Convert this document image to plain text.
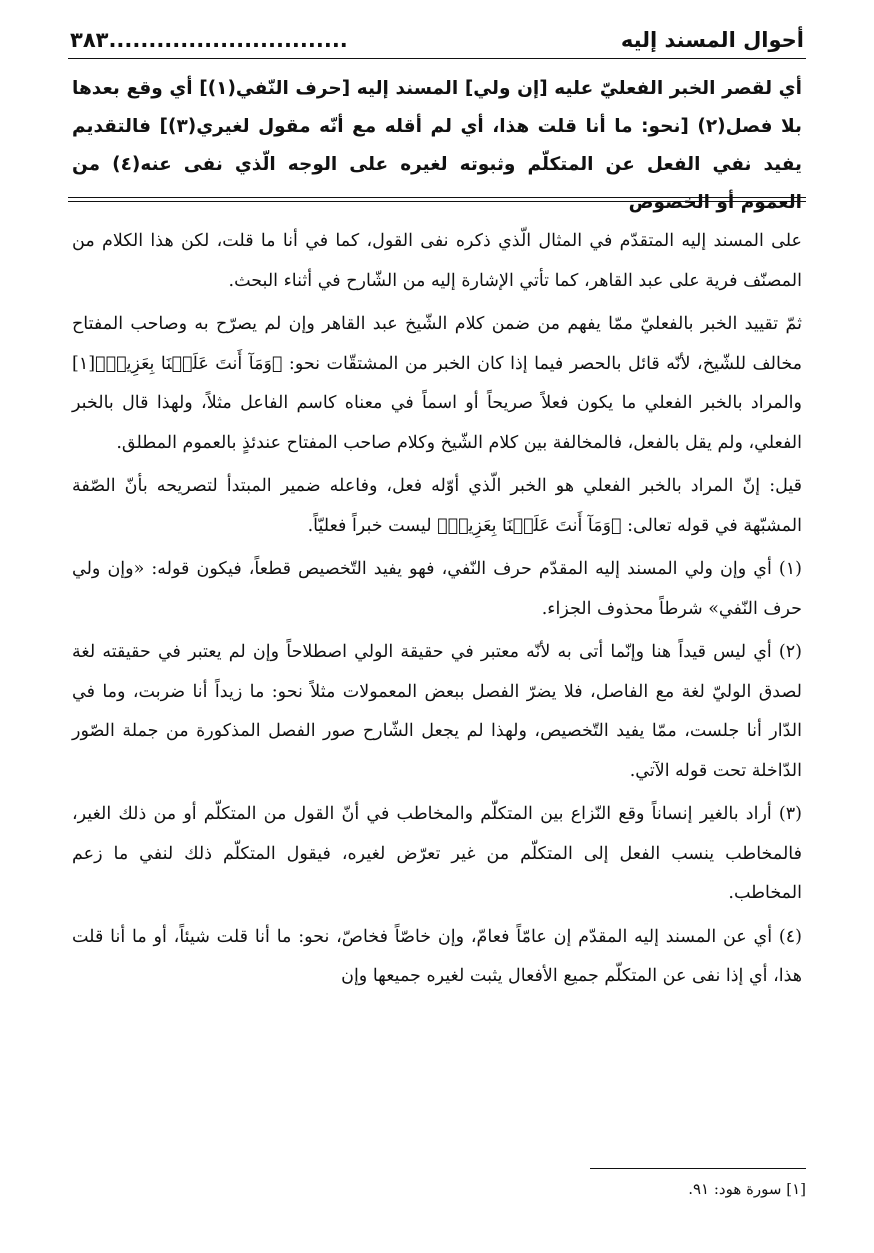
أحوال المسند إليه
..............................٣٨٣
أي لقصر الخبر الفعليّ عليه [إن ولي] المسند إليه [حرف النّفي(١)] أي وقع بعدها بلا فصل(٢) [نحو: ما أنا قلت هذا، أي لم أقله مع أنّه مقول لغيري(٣)] فالتقديم يفيد نفي الفعل عن المتكلّم وثبوته لغيره على الوجه الّذي نفى عنه(٤) من العموم أو الخصوص

على المسند إليه المتقدّم في المثال الّذي ذكره نفى القول، كما في أنا ما قلت، لكن هذا الكلام من المصنّف فرية على عبد القاهر، كما تأتي الإشارة إليه من الشّارح في أثناء البحث.

ثمّ تقييد الخبر بالفعليّ ممّا يفهم من ضمن كلام الشّيخ عبد القاهر وإن لم يصرّح به وصاحب المفتاح مخالف للشّيخ، لأنّه قائل بالحصر فيما إذا كان الخبر من المشتقّات نحو: ﴿وَمَآ أَنتَ عَلَيۡنَا بِعَزِيزٖ﴾[١] والمراد بالخبر الفعلي ما يكون فعلاً صريحاً أو اسماً في معناه كاسم الفاعل مثلاً، ولهذا قال بالخبر الفعلي، ولم يقل بالفعل، فالمخالفة بين كلام الشّيخ وكلام صاحب المفتاح عندئذٍ بالعموم المطلق.

قيل: إنّ المراد بالخبر الفعلي هو الخبر الّذي أوّله فعل، وفاعله ضمير المبتدأ لتصريحه بأنّ الصّفة المشبّهة في قوله تعالى: ﴿وَمَآ أَنتَ عَلَيۡنَا بِعَزِيزٖ﴾ ليست خبراً فعليّاً.

(١) أي وإن ولي المسند إليه المقدّم حرف النّفي، فهو يفيد التّخصيص قطعاً، فيكون قوله: «وإن ولي حرف النّفي» شرطاً محذوف الجزاء.

(٢) أي ليس قيداً هنا وإنّما أتى به لأنّه معتبر في حقيقة الولي اصطلاحاً وإن لم يعتبر في حقيقته لغة لصدق الوليّ لغة مع الفاصل، فلا يضرّ الفصل ببعض المعمولات مثلاً نحو: ما زيداً أنا ضربت، وما في الدّار أنا جلست، ممّا يفيد التّخصيص، ولهذا لم يجعل الشّارح صور الفصل المذكورة من جملة الصّور الدّاخلة تحت قوله الآتي.

(٣) أراد بالغير إنساناً وقع النّزاع بين المتكلّم والمخاطب في أنّ القول من المتكلّم أو من ذلك الغير، فالمخاطب ينسب الفعل إلى المتكلّم من غير تعرّض لغيره، فيقول المتكلّم ذلك لنفي ما زعم المخاطب.

(٤) أي عن المسند إليه المقدّم إن عامّاً فعامّ، وإن خاصّاً فخاصّ، نحو: ما أنا قلت شيئاً، أو ما أنا قلت هذا، أي إذا نفى عن المتكلّم جميع الأفعال يثبت لغيره جميعها وإن

[١] سورة هود: ٩١.
